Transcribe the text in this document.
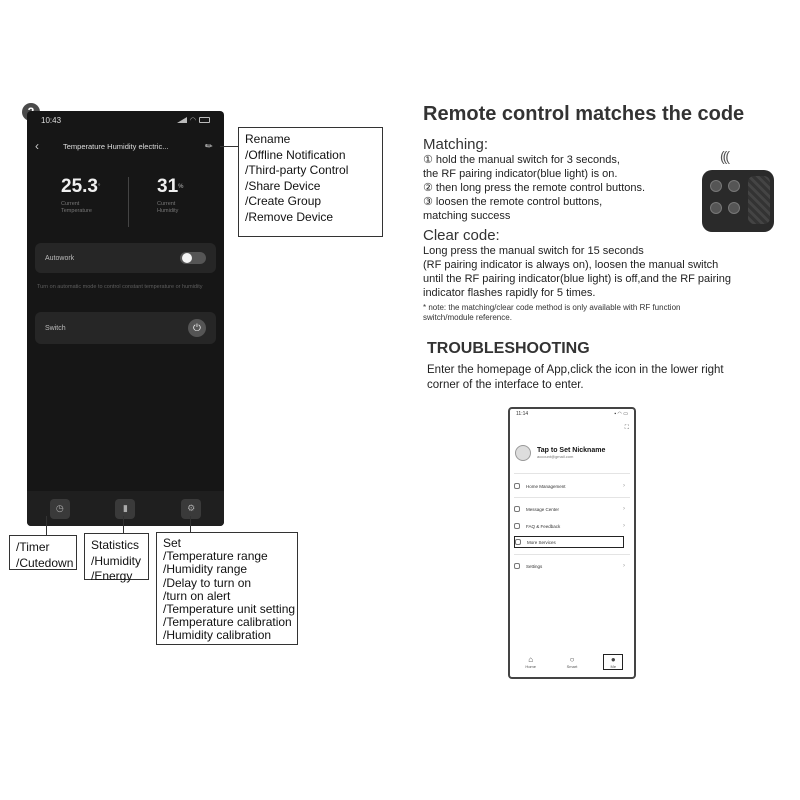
10:43	◠
‹	Temperature Humidity electric...	✎
25.3°
Current
Temperature
31%
Current
Humidity
Autowork
Turn on automatic mode to control constant temperature or humidity
Switch	⏻
◷	▮	⚙
Rename
/Offline Notification
/Third-party Control
/Share Device
/Create Group
/Remove Device
/Timer
/Cutedown
Statistics
/Humidity
/Energy
Set
/Temperature range
/Humidity range
/Delay to turn on
/turn on alert
/Temperature unit setting
/Temperature calibration
/Humidity calibration
Remote control matches the code
Matching:
① hold the manual switch for 3 seconds,
the RF pairing indicator(blue light) is on.
② then long press the remote control buttons.
③ loosen the remote control buttons,
matching success
Clear code:
Long press the manual switch for 15 seconds
(RF pairing indicator is always on), loosen the manual switch
until the RF pairing indicator(blue light) is off,and the RF pairing
indicator flashes rapidly for 5 times.
* note: the matching/clear code method is only available with RF function
switch/module reference.
TROUBLESHOOTING
Enter the homepage of App,click the icon in the lower right
corner of the interface to enter.
(((
11:14	▪ ◠ ▭
⛶
Tap to Set Nickname
account@gmail.com
Home Management	›
Message Center	›
FAQ & Feedback	›
More Services
Settings	›
⌂
Home
○
Smart
●
Me
